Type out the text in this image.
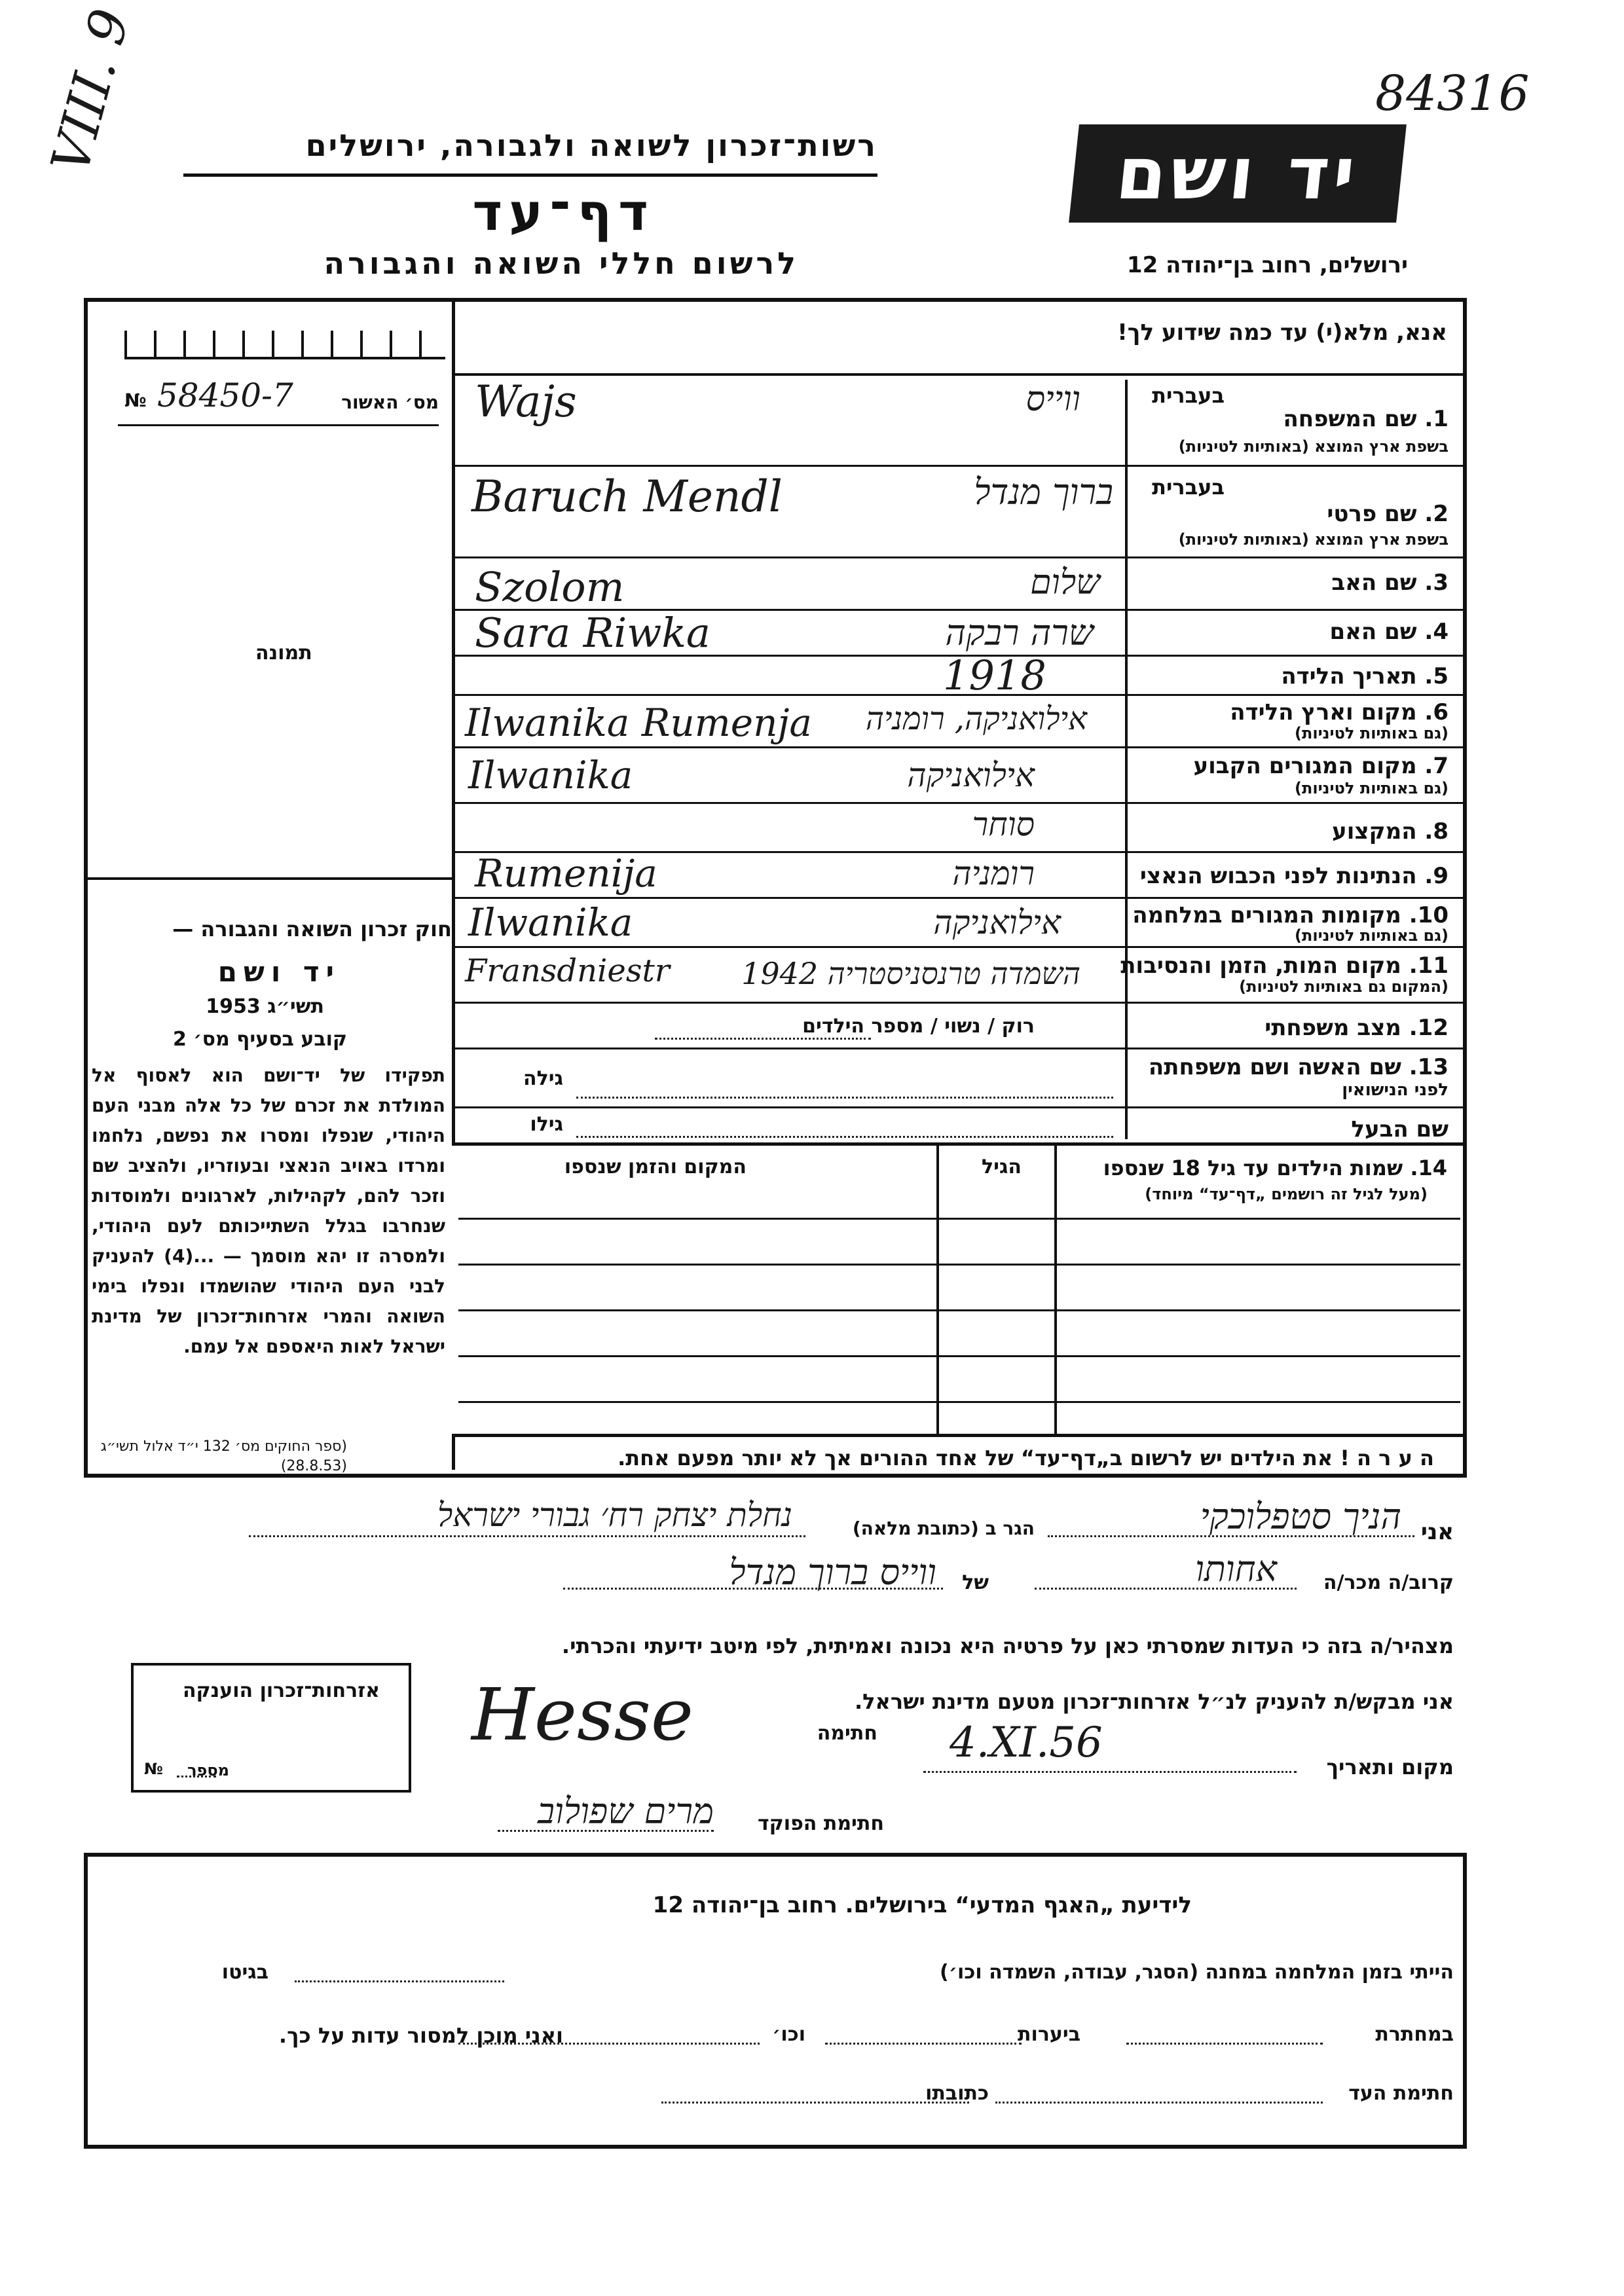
84316
VIII. 9	רשות־זכרון לשואה ולגבורה, ירושלים
דף־עד
לרשום חללי השואה והגבורה
יד ושם
ירושלים, רחוב בן־יהודה 12
אנא, מלא(י) עד כמה שידוע לך!
מס׳ האשור
№ 58450-7
תמונה
בעברית
1. שם המשפחה
בשפת ארץ המוצא (באותיות לטיניות)
Wajs	ווייס
בעברית
2. שם פרטי
בשפת ארץ המוצא (באותיות לטיניות)
Baruch Mendl	ברוך מנדל
3. שם האב
Szolom	שלום
4. שם האם
Sara Riwka	שרה רבקה
5. תאריך הלידה
1918
6. מקום וארץ הלידה
(גם באותיות לטיניות)
Ilwanika Rumenja אילואניקה, רומניה
7. מקום המגורים הקבוע
(גם באותיות לטיניות)
Ilwanika	אילואניקה
8. המקצוע
סוחר
9. הנתינות לפני הכבוש הנאצי
Rumenija	רומניה
10. מקומות המגורים במלחמה
(גם באותיות לטיניות)
Ilwanika	אילואניקה
11. מקום המות, הזמן והנסיבות
(המקום גם באותיות לטיניות)
Fransdniestr השמדה טרנסניסטריה 1942
12. מצב משפחתי
רוק / נשוי / מספר הילדים
13. שם האשה ושם משפחתה
לפני הנישואין
גילה
שם הבעל
גילו
14. שמות הילדים עד גיל 18 שנספו
(מעל לגיל זה רושמים „דף־עד“ מיוחד)
הגיל
המקום והזמן שנספו
חוק זכרון השואה והגבורה —
יד ושם
תשי״ג 1953
קובע בסעיף מס׳ 2
תפקידו של יד־ושם הוא לאסוף אל המולדת את זכרם של כל אלה מבני העם היהודי, שנפלו ומסרו את נפשם, נלחמו ומרדו באויב הנאצי ובעוזריו, ולהציב שם וזכר להם, לקהילות, לארגונים ולמוסדות שנחרבו בגלל השתייכותם לעם היהודי, ולמסרה זו יהא מוסמך — ...(4) להעניק לבני העם היהודי שהושמדו ונפלו בימי השואה והמרי אזרחות־זכרון של מדינת ישראל לאות היאספם אל עמם.
(ספר החוקים מס׳ 132 י״ד אלול תשי״ג (28.8.53)	ה ע ר ה ! את הילדים יש לרשום ב„דף־עד“ של אחד ההורים אך לא יותר מפעם אחת.
אני
הניך סטפלוכקי
הגר ב (כתובת מלאה)
נחלת יצחק רח׳ גבורי ישראל
קרוב/ה מכר/ה
אחותו
של
ווייס ברוך מנדל
מצהיר/ה בזה כי העדות שמסרתי כאן על פרטיה היא נכונה ואמיתית, לפי מיטב ידיעתי והכרתי.
אני מבקש/ת להעניק לנ״ל אזרחות־זכרון מטעם מדינת ישראל.
חתימה
Hesse
מקום ותאריך
4.XI.56
חתימת הפוקד
מרים שפולוב
אזרחות־זכרון הוענקה
מספר
№
לידיעת „האגף המדעי“ בירושלים. רחוב בן־יהודה 12
הייתי בזמן המלחמה במחנה (הסגר, עבודה, השמדה וכו׳)
בגיטו
במחתרת
ביערות
וכו׳
ואני מוכן למסור עדות על כך.
חתימת העד
כתובתו
